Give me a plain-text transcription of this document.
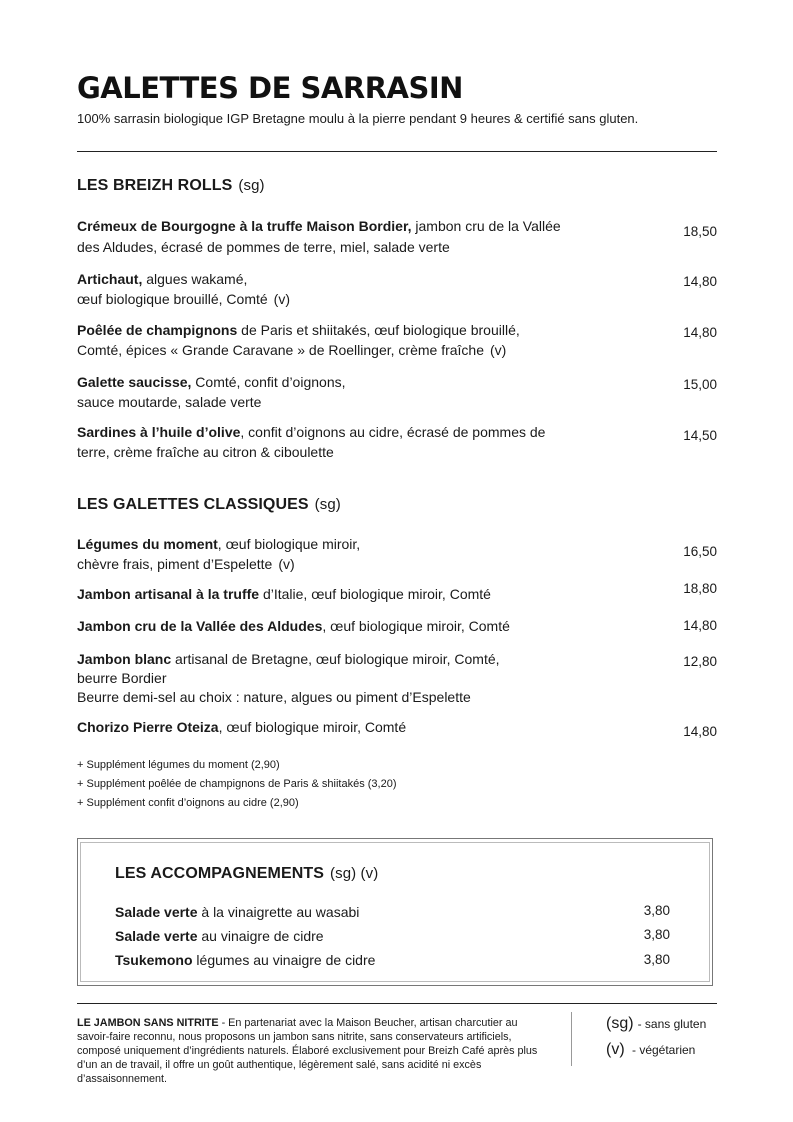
GALETTES DE SARRASIN
100% sarrasin biologique IGP Bretagne moulu à la pierre pendant 9 heures & certifié sans gluten.
LES BREIZH ROLLS (sg)
Crémeux de Bourgogne à la truffe Maison Bordier, jambon cru de la Vallée
des Aldudes, écrasé de pommes de terre, miel, salade verte
18,50
Artichaut, algues wakamé,
œuf biologique brouillé, Comté (v)
14,80
Poêlée de champignons de Paris et shiitakés, œuf biologique brouillé,
Comté, épices « Grande Caravane » de Roellinger, crème fraîche (v)
14,80
Galette saucisse, Comté, confit d’oignons,
sauce moutarde, salade verte
15,00
Sardines à l’huile d’olive, confit d’oignons au cidre, écrasé de pommes de
terre, crème fraîche au citron & ciboulette
14,50
LES GALETTES CLASSIQUES (sg)
Légumes du moment, œuf biologique miroir,
chèvre frais, piment d’Espelette (v)
16,50
Jambon artisanal à la truffe d’Italie, œuf biologique miroir, Comté	18,80
Jambon cru de la Vallée des Aldudes, œuf biologique miroir, Comté	14,80
Jambon blanc artisanal de Bretagne, œuf biologique miroir, Comté,
beurre Bordier
Beurre demi-sel au choix : nature, algues ou piment d’Espelette
12,80
Chorizo Pierre Oteiza, œuf biologique miroir, Comté	14,80
+ Supplément légumes du moment (2,90)
+ Supplément poêlée de champignons de Paris & shiitakés (3,20)
+ Supplément confit d’oignons au cidre (2,90)
LES ACCOMPAGNEMENTS (sg) (v)
Salade verte à la vinaigrette au wasabi	3,80
Salade verte au vinaigre de cidre	3,80
Tsukemono légumes au vinaigre de cidre	3,80
LE JAMBON SANS NITRITE - En partenariat avec la Maison Beucher, artisan charcutier au savoir-faire reconnu, nous proposons un jambon sans nitrite, sans conservateurs artificiels, composé uniquement d’ingrédients naturels. Élaboré exclusivement pour Breizh Café après plus d’un an de travail, il offre un goût authentique, légèrement salé, sans acidité ni excès d’assaisonnement.
(sg) - sans gluten
(v) - végétarien
